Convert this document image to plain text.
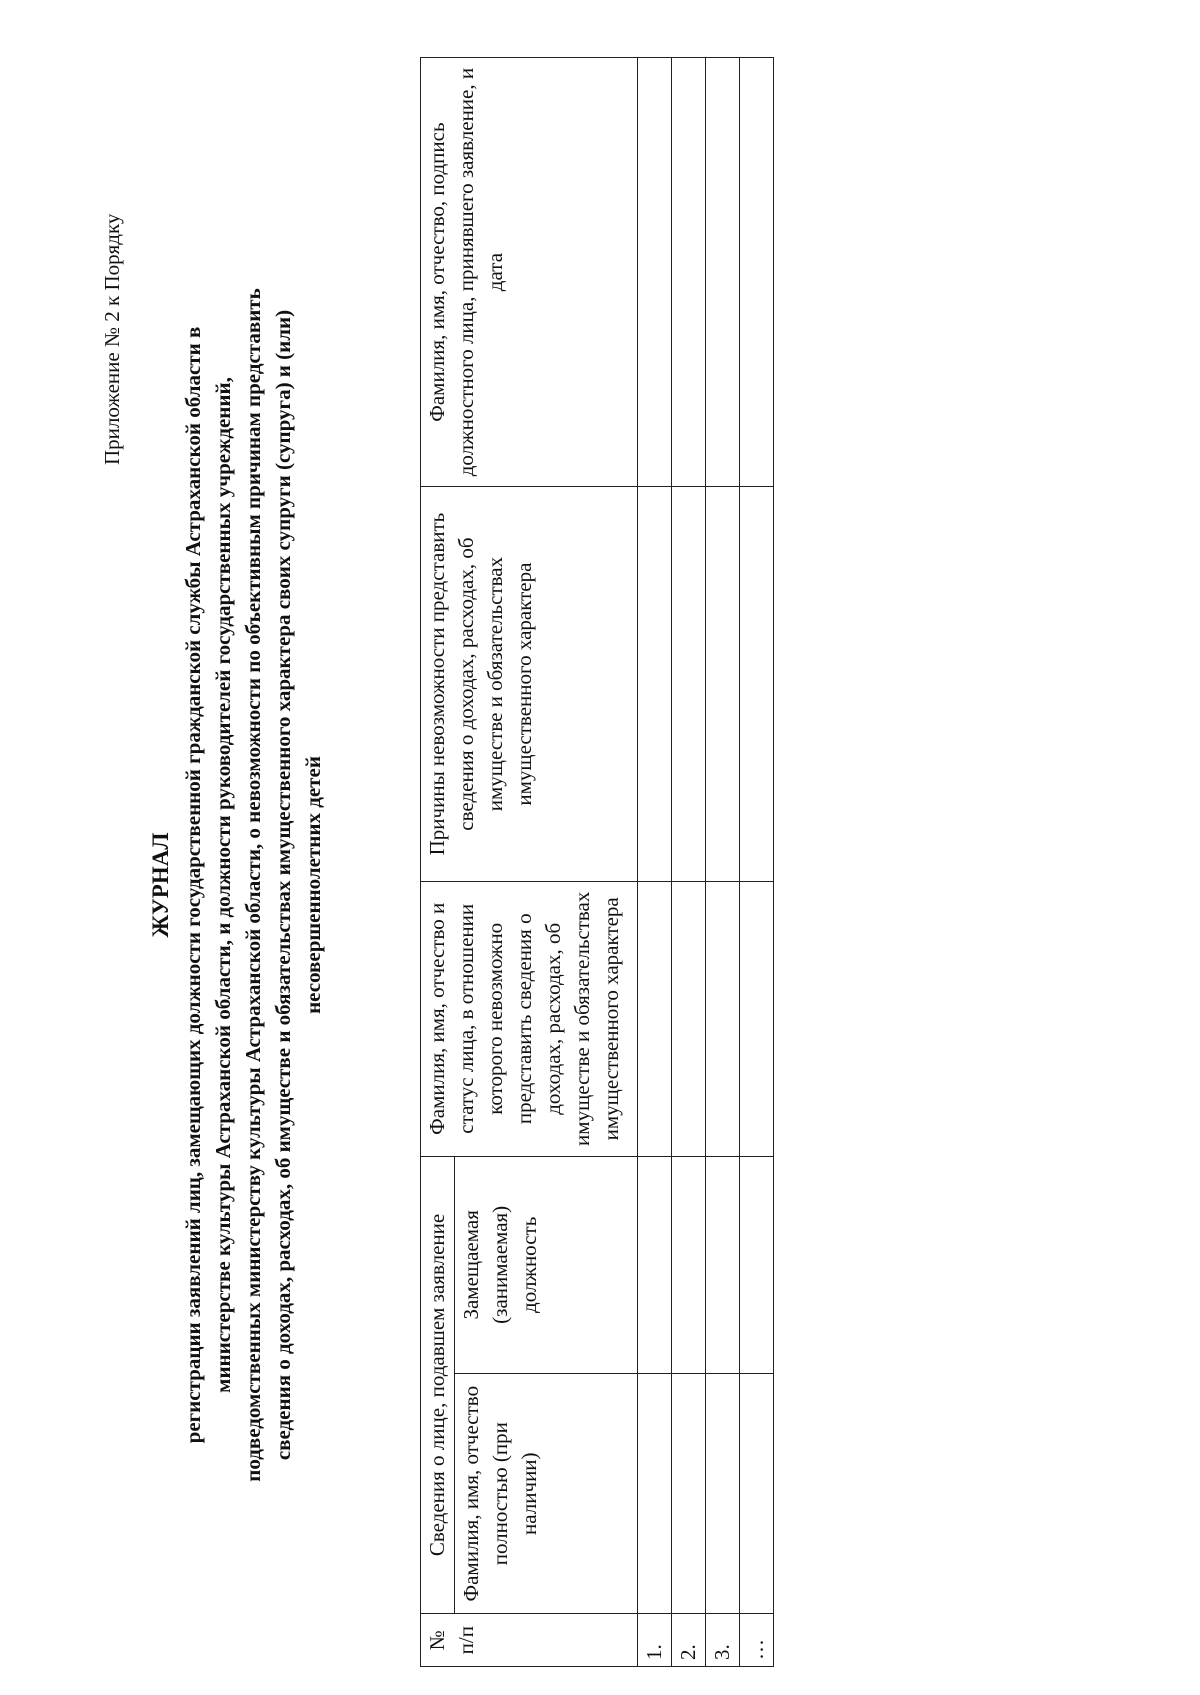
Приложение № 2 к Порядку
ЖУРНАЛ регистрации заявлений лиц, замещающих должности государственной гражданской службы Астраханской области в министерстве культуры Астраханской области, и должности руководителей государственных учреждений, подведомственных министерству культуры Астраханской области, о невозможности по объективным причинам представить сведения о доходах, расходах, об имуществе и обязательствах имущественного характера своих супруги (супруга) и (или) несовершеннолетних детей
№ п/п	Сведения о лице, подавшем заявление		Фамилия, имя, отчество и статус лица, в отношении которого невозможно представить сведения о доходах, расходах, об имуществе и обязательствах имущественного характера	Причины невозможности представить сведения о доходах, расходах, об имуществе и обязательствах имущественного характера	Фамилия, имя, отчество, подпись должностного лица, принявшего заявление, и дата
	Фамилия, имя, отчество полностью (при наличии)	Замещаемая (занимаемая) должность			
1.					
2.					
3.					
…					
